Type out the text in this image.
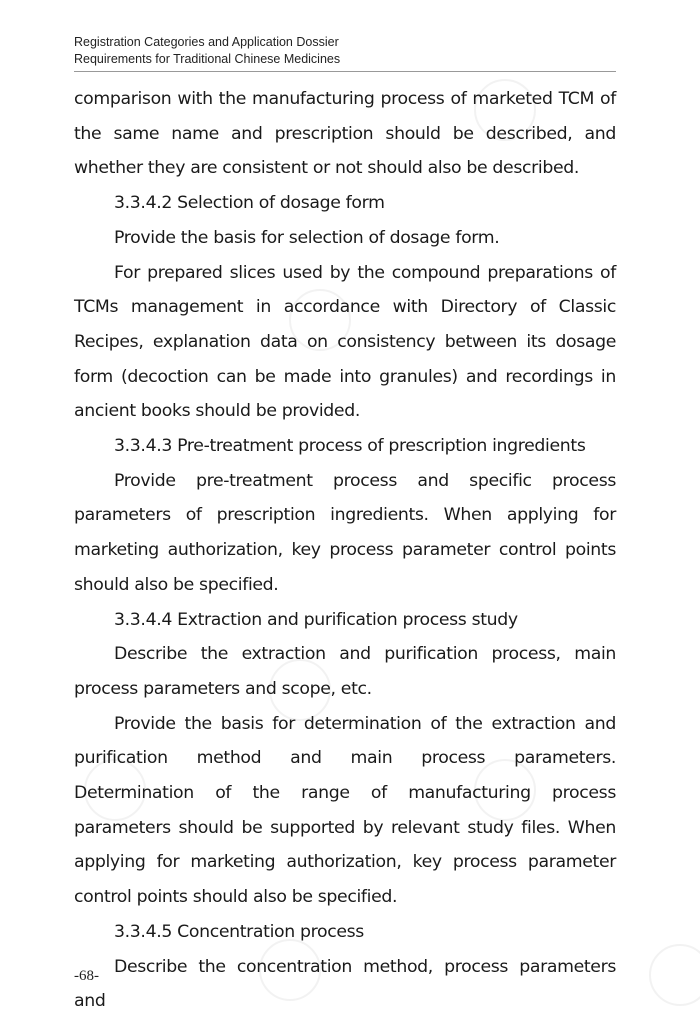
Registration Categories and Application Dossier
Requirements for Traditional Chinese Medicines

comparison with the manufacturing process of marketed TCM of the same name and prescription should be described, and whether they are consistent or not should also be described.

3.3.4.2 Selection of dosage form

Provide the basis for selection of dosage form.

For prepared slices used by the compound preparations of TCMs management in accordance with Directory of Classic Recipes, explanation data on consistency between its dosage form (decoction can be made into granules) and recordings in ancient books should be provided.

3.3.4.3 Pre-treatment process of prescription ingredients

Provide pre-treatment process and specific process parameters of prescription ingredients. When applying for marketing authorization, key process parameter control points should also be specified.

3.3.4.4 Extraction and purification process study

Describe the extraction and purification process, main process parameters and scope, etc.

Provide the basis for determination of the extraction and purification method and main process parameters. Determination of the range of manufacturing process parameters should be supported by relevant study files. When applying for marketing authorization, key process parameter control points should also be specified.

3.3.4.5 Concentration process

Describe the concentration method, process parameters and

-68-
